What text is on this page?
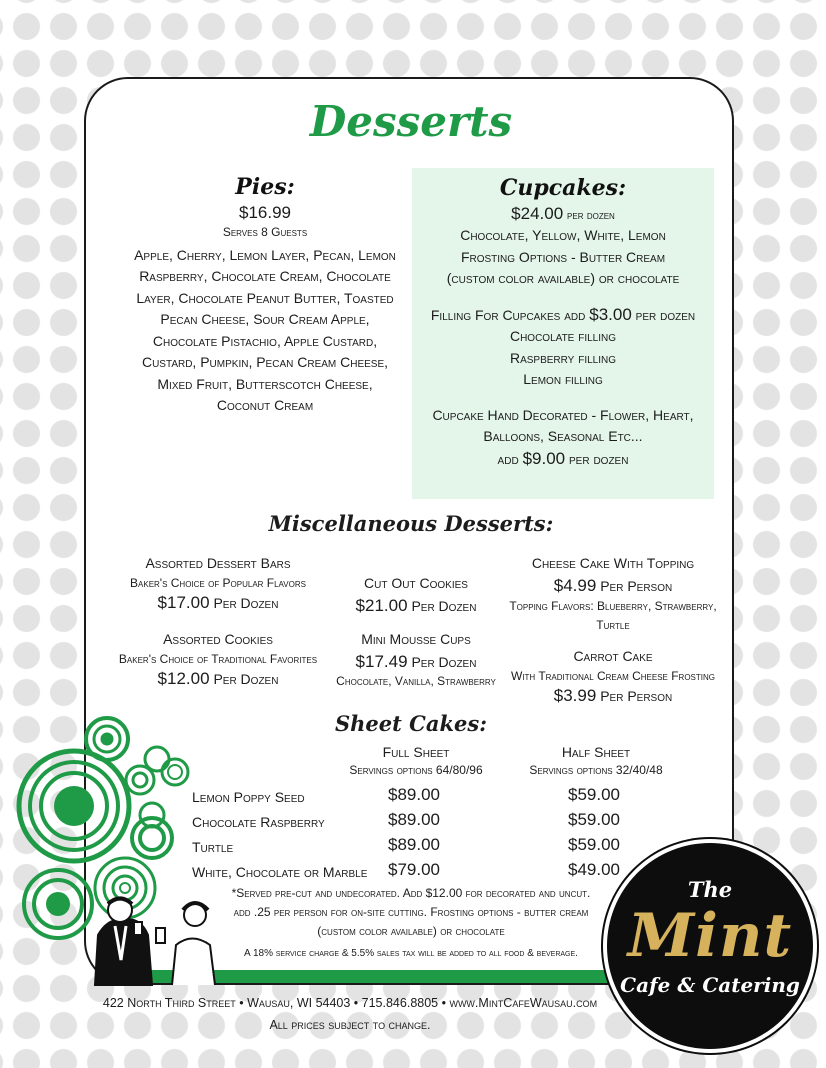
Desserts
Pies:
$16.99
Serves 8 Guests
Apple, Cherry, Lemon Layer, Pecan, Lemon Raspberry, Chocolate Cream, Chocolate Layer, Chocolate Peanut Butter, Toasted Pecan Cheese, Sour Cream Apple, Chocolate Pistachio, Apple Custard, Custard, Pumpkin, Pecan Cream Cheese, Mixed Fruit, Butterscotch Cheese, Coconut Cream
Cupcakes:
$24.00 per dozen
Chocolate, Yellow, White, Lemon
Frosting Options - Butter Cream
(custom color available) or chocolate
Filling For Cupcakes add $3.00 per dozen
Chocolate filling
Raspberry filling
Lemon filling
Cupcake Hand Decorated - Flower, Heart, Balloons, Seasonal Etc...
add $9.00 per dozen
Miscellaneous Desserts:
Assorted Dessert Bars
Baker's Choice of Popular Flavors
$17.00 Per Dozen
Cut Out Cookies
$21.00 Per Dozen
Cheese Cake With Topping
$4.99 Per Person
Topping Flavors: Blueberry, Strawberry, Turtle
Assorted Cookies
Baker's Choice of Traditional Favorites
$12.00 Per Dozen
Mini Mousse Cups
$17.49 Per Dozen
Chocolate, Vanilla, Strawberry
Carrot Cake
With Traditional Cream Cheese Frosting
$3.99 Per Person
Sheet Cakes:
Full Sheet
Servings options 64/80/96
Half Sheet
Servings options 32/40/48
Lemon Poppy Seed	$89.00	$59.00
Chocolate Raspberry	$89.00	$59.00
Turtle	$89.00	$59.00
White, Chocolate or Marble $79.00	$49.00
*Served pre-cut and undecorated. Add $12.00 for decorated and uncut.
add .25 per person for on-site cutting. Frosting options - butter cream
(custom color available) or chocolate
A 18% service charge & 5.5% sales tax will be added to all food & beverage.
422 North Third Street • Wausau, WI 54403 • 715.846.8805 • www.MintCafeWausau.com
All prices subject to change.
The
Mint
Cafe & Catering
